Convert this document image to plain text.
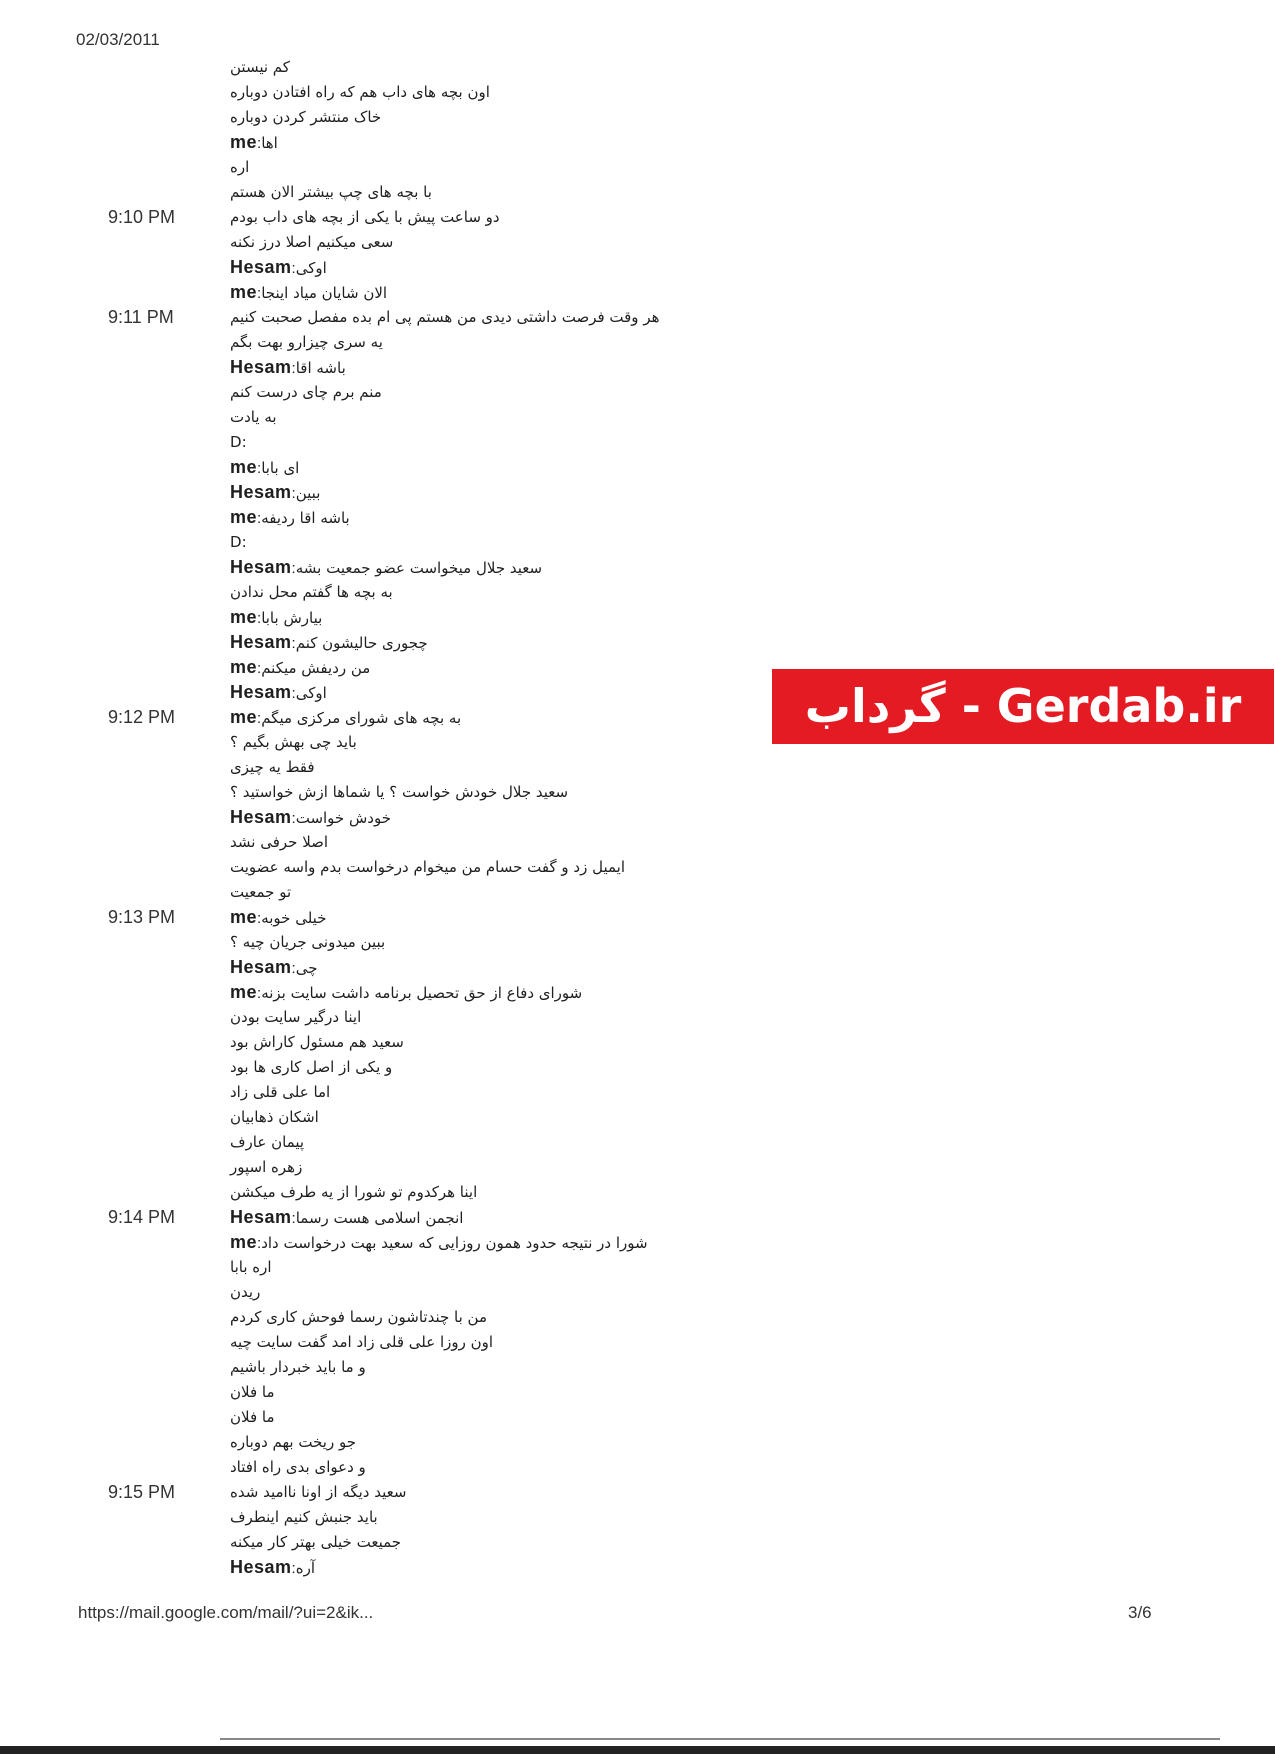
02/03/2011
کم نیستن
اون بچه های داب هم که راه افتادن دوباره
خاک منتشر کردن دوباره
me:اها
اره
با بچه های چپ بیشتر الان هستم
9:10 PM	دو ساعت پیش با یکی از بچه های داب بودم
سعی میکنیم اصلا درز نکنه
Hesam:اوکی
me:الان شایان میاد اینجا
9:11 PM	هر وقت فرصت داشتی دیدی من هستم پی ام بده مفصل صحبت کنیم
یه سری چیزارو بهت بگم
Hesam:باشه اقا
منم برم چای درست کنم
به یادت
:D
me:ای بابا
Hesam:ببین
me:باشه اقا ردیفه
:D
Hesam:سعید جلال میخواست عضو جمعیت بشه
به بچه ها گفتم محل ندادن
me:بیارش بابا
Hesam:چجوری حالیشون کنم
me:من ردیفش میکنم
Hesam:اوکی
9:12 PM	me:به بچه های شورای مرکزی میگم
باید چی بهش بگیم ؟
فقط یه چیزی
سعید جلال خودش خواست ؟ یا شماها ازش خواستید ؟
Hesam:خودش خواست
اصلا حرفی نشد
ایمیل زد و گفت حسام من میخوام درخواست بدم واسه عضویت
تو جمعیت
9:13 PM	me:خیلی خوبه
ببین میدونی جریان چیه ؟
Hesam:چی
me:شورای دفاع از حق تحصیل برنامه داشت سایت بزنه
اینا درگیر سایت بودن
سعید هم مسئول کاراش بود
و یکی از اصل کاری ها بود
اما علی قلی زاد
اشکان ذهابیان
پیمان عارف
زهره اسپور
اینا هرکدوم تو شورا از یه طرف میکشن
9:14 PM	Hesam:انجمن اسلامی هست رسما
me:شورا در نتیجه حدود همون روزایی که سعید بهت درخواست داد
اره بابا
ریدن
من با چندتاشون رسما فوحش کاری کردم
اون روزا علی قلی زاد امد گفت سایت چیه
و ما باید خبردار باشیم
ما فلان
ما فلان
جو ریخت بهم دوباره
و دعوای بدی راه افتاد
9:15 PM	سعید دیگه از اونا ناامید شده
باید جنبش کنیم اینطرف
جمیعت خیلی بهتر کار میکنه
Hesam:آره
گرداب - Gerdab.ir
https://mail.google.com/mail/?ui=2&ik...	3/6
